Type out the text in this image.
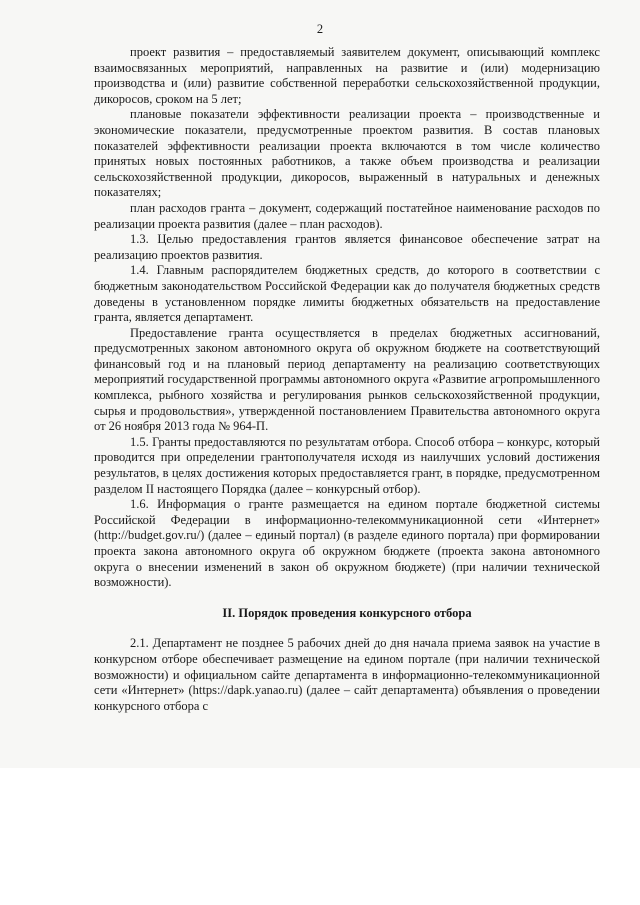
2

проект развития – предоставляемый заявителем документ, описывающий комплекс взаимосвязанных мероприятий, направленных на развитие и (или) модернизацию производства и (или) развитие собственной переработки сельскохозяйственной продукции, дикоросов, сроком на 5 лет;

плановые показатели эффективности реализации проекта – производственные и экономические показатели, предусмотренные проектом развития. В состав плановых показателей эффективности реализации проекта включаются в том числе количество принятых новых постоянных работников, а также объем производства и реализации сельскохозяйственной продукции, дикоросов, выраженный в натуральных и денежных показателях;

план расходов гранта – документ, содержащий постатейное наименование расходов по реализации проекта развития (далее – план расходов).

1.3. Целью предоставления грантов является финансовое обеспечение затрат на реализацию проектов развития.

1.4. Главным распорядителем бюджетных средств, до которого в соответствии с бюджетным законодательством Российской Федерации как до получателя бюджетных средств доведены в установленном порядке лимиты бюджетных обязательств на предоставление гранта, является департамент.

Предоставление гранта осуществляется в пределах бюджетных ассигнований, предусмотренных законом автономного округа об окружном бюджете на соответствующий финансовый год и на плановый период департаменту на реализацию соответствующих мероприятий государственной программы автономного округа «Развитие агропромышленного комплекса, рыбного хозяйства и регулирования рынков сельскохозяйственной продукции, сырья и продовольствия», утвержденной постановлением Правительства автономного округа от 26 ноября 2013 года № 964-П.

1.5. Гранты предоставляются по результатам отбора. Способ отбора – конкурс, который проводится при определении грантополучателя исходя из наилучших условий достижения результатов, в целях достижения которых предоставляется грант, в порядке, предусмотренном разделом II настоящего Порядка (далее – конкурсный отбор).

1.6. Информация о гранте размещается на едином портале бюджетной системы Российской Федерации в информационно-телекоммуникационной сети «Интернет» (http://budget.gov.ru/) (далее – единый портал) (в разделе единого портала) при формировании проекта закона автономного округа об окружном бюджете (проекта закона автономного округа о внесении изменений в закон об окружном бюджете) (при наличии технической возможности).

II. Порядок проведения конкурсного отбора

2.1. Департамент не позднее 5 рабочих дней до дня начала приема заявок на участие в конкурсном отборе обеспечивает размещение на едином портале (при наличии технической возможности) и официальном сайте департамента в информационно-телекоммуникационной сети «Интернет» (https://dapk.yanao.ru) (далее – сайт департамента) объявления о проведении конкурсного отбора с
